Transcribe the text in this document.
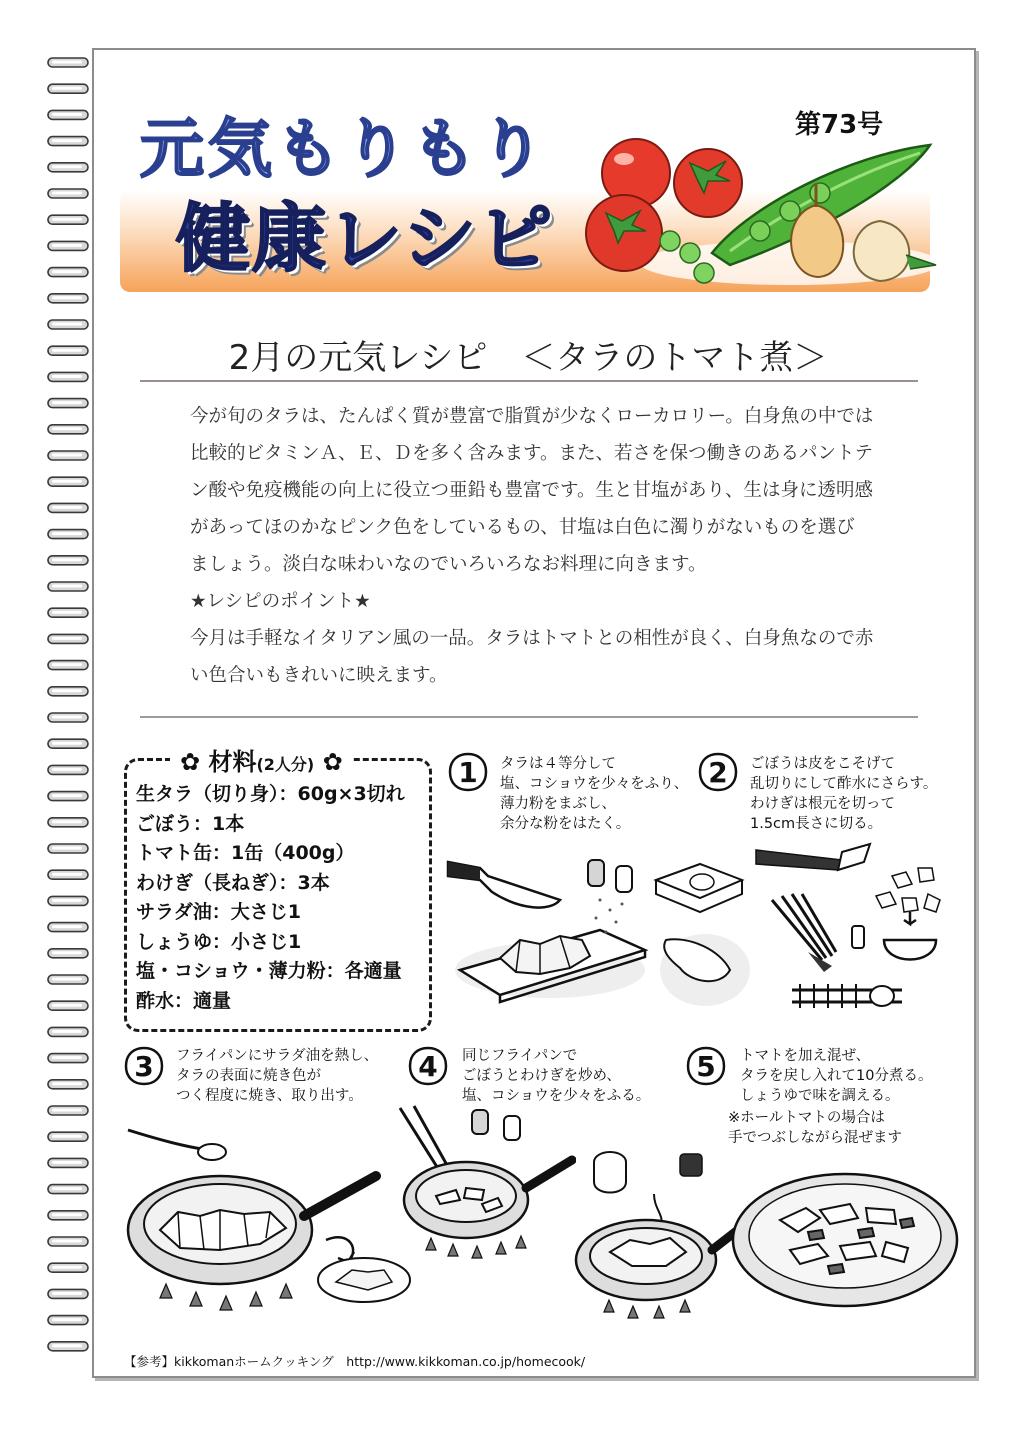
元気もりもり
健康レシピ
第73号
2月の元気レシピ　＜タラのトマト煮＞

今が旬のタラは、たんぱく質が豊富で脂質が少なくローカロリー。白身魚の中では

比較的ビタミンＡ、Ｅ、Ｄを多く含みます。また、若さを保つ働きのあるパントテ

ン酸や免疫機能の向上に役立つ亜鉛も豊富です。生と甘塩があり、生は身に透明感

があってほのかなピンク色をしているもの、甘塩は白色に濁りがないものを選び

ましょう。淡白な味わいなのでいろいろなお料理に向きます。

★レシピのポイント★

今月は手軽なイタリアン風の一品。タラはトマトとの相性が良く、白身魚なので赤

い色合いもきれいに映えます。

✿ 材料(2人分) ✿
生タラ（切り身）：60g×3切れ
ごぼう：1本
トマト缶：1缶（400g）
わけぎ（長ねぎ）：3本
サラダ油：大さじ1
しょうゆ：小さじ1
塩・コショウ・薄力粉：各適量
酢水：適量
1 タラは４等分して
塩、コショウを少々をふり、
薄力粉をまぶし、
余分な粉をはたく。
2 ごぼうは皮をこそげて
乱切りにして酢水にさらす。
わけぎは根元を切って
1.5cm長さに切る。
3 フライパンにサラダ油を熱し、
タラの表面に焼き色が
つく程度に焼き、取り出す。
4 同じフライパンで
ごぼうとわけぎを炒め、
塩、コショウを少々をふる。
5 トマトを加え混ぜ、
タラを戻し入れて10分煮る。
しょうゆで味を調える。
※ホールトマトの場合は
手でつぶしながら混ぜます
【参考】kikkomanホームクッキング　http://www.kikkoman.co.jp/homecook/
